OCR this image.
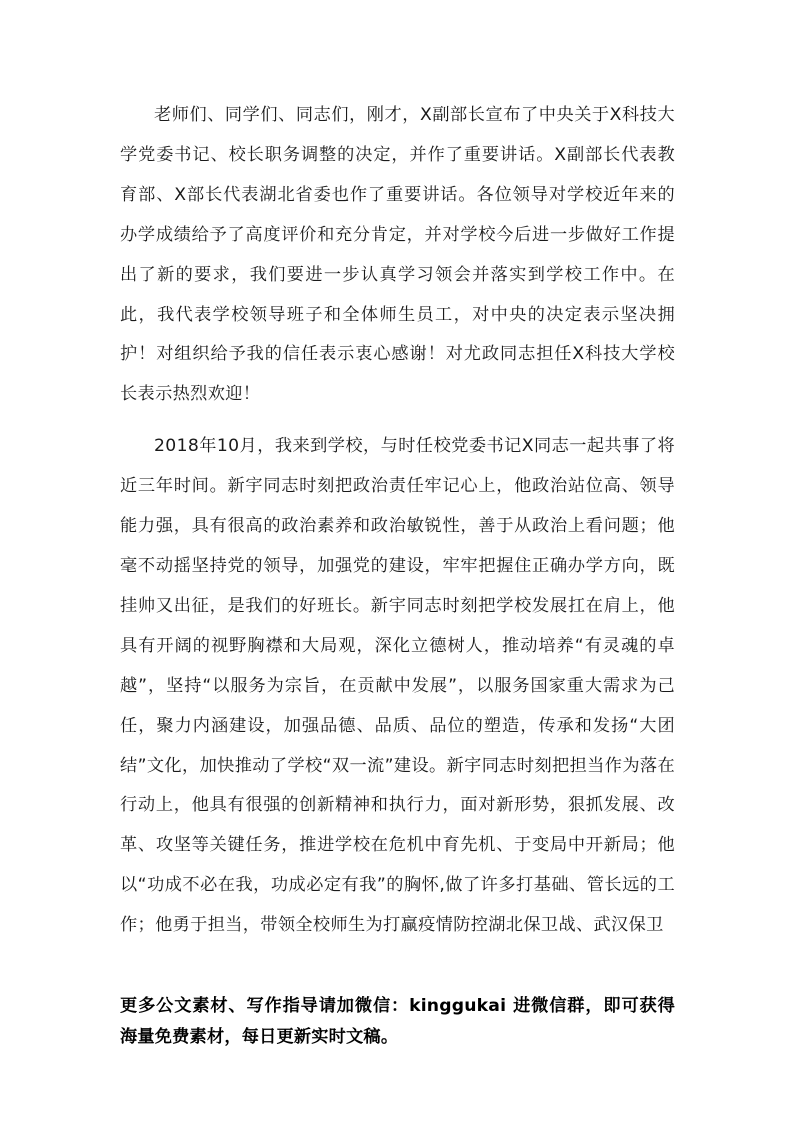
老师们、同学们、同志们，刚才，X副部长宣布了中央关于X科技大学党委书记、校长职务调整的决定，并作了重要讲话。X副部长代表教育部、X部长代表湖北省委也作了重要讲话。各位领导对学校近年来的办学成绩给予了高度评价和充分肯定，并对学校今后进一步做好工作提出了新的要求，我们要进一步认真学习领会并落实到学校工作中。在此，我代表学校领导班子和全体师生员工，对中央的决定表示坚决拥护！对组织给予我的信任表示衷心感谢！对尤政同志担任X科技大学校长表示热烈欢迎！

2018年10月，我来到学校，与时任校党委书记X同志一起共事了将近三年时间。新宇同志时刻把政治责任牢记心上，他政治站位高、领导能力强，具有很高的政治素养和政治敏锐性，善于从政治上看问题；他毫不动摇坚持党的领导，加强党的建设，牢牢把握住正确办学方向，既挂帅又出征，是我们的好班长。新宇同志时刻把学校发展扛在肩上，他具有开阔的视野胸襟和大局观，深化立德树人，推动培养“有灵魂的卓越”，坚持“以服务为宗旨，在贡献中发展”，以服务国家重大需求为己任，聚力内涵建设，加强品德、品质、品位的塑造，传承和发扬“大团结”文化，加快推动了学校“双一流”建设。新宇同志时刻把担当作为落在行动上，他具有很强的创新精神和执行力，面对新形势，狠抓发展、改革、攻坚等关键任务，推进学校在危机中育先机、于变局中开新局；他以“功成不必在我，功成必定有我”的胸怀,做了许多打基础、管长远的工作；他勇于担当，带领全校师生为打赢疫情防控湖北保卫战、武汉保卫

更多公文素材、写作指导请加微信：kinggukai 进微信群，即可获得海量免费素材，每日更新实时文稿。
